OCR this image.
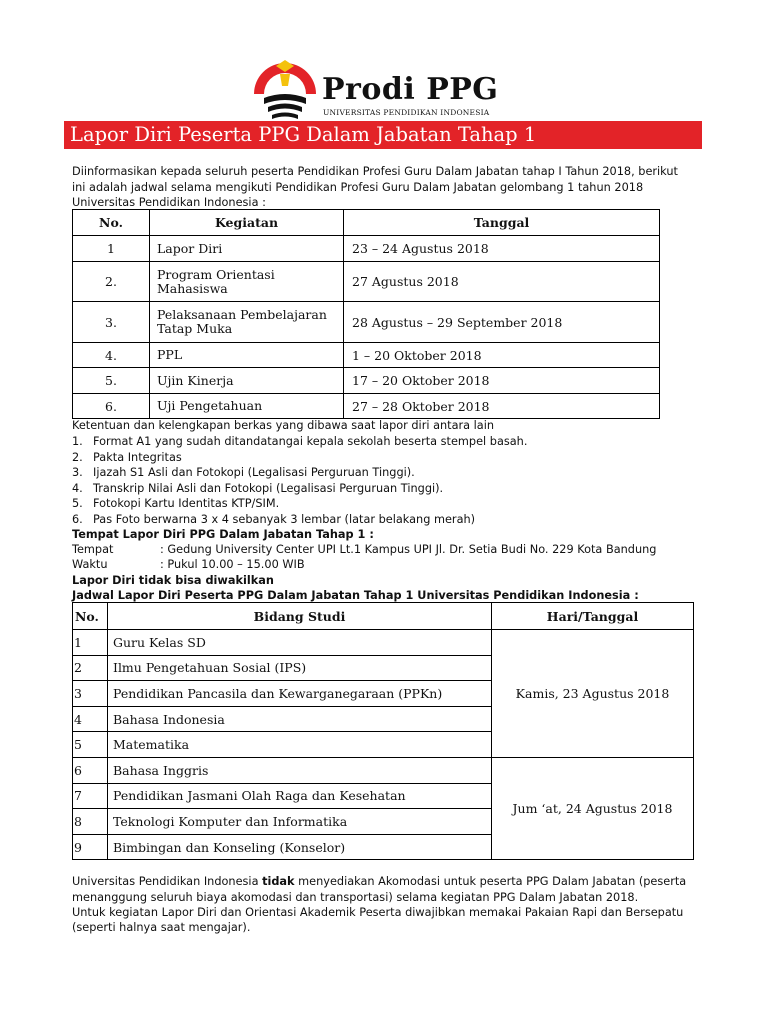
Prodi PPG
UNIVERSITAS PENDIDIKAN INDONESIA
Lapor Diri Peserta PPG Dalam Jabatan Tahap 1
Diinformasikan kepada seluruh peserta Pendidikan Profesi Guru Dalam Jabatan tahap I Tahun 2018, berikut
ini adalah jadwal selama mengikuti Pendidikan Profesi Guru Dalam Jabatan gelombang 1 tahun 2018
Universitas Pendidikan Indonesia :
No.	Kegiatan	Tanggal
1	Lapor Diri	23 – 24 Agustus 2018
2.	Program Orientasi
Mahasiswa	27 Agustus 2018
3.	Pelaksanaan Pembelajaran
Tatap Muka	28 Agustus – 29 September 2018
4.	PPL	1 – 20 Oktober 2018
5.	Ujin Kinerja	17 – 20 Oktober 2018
6.	Uji Pengetahuan	27 – 28 Oktober 2018
Ketentuan dan kelengkapan berkas yang dibawa saat lapor diri antara lain
1. Format A1 yang sudah ditandatangai kepala sekolah beserta stempel basah.
2. Pakta Integritas
3. Ijazah S1 Asli dan Fotokopi (Legalisasi Perguruan Tinggi).
4. Transkrip Nilai Asli dan Fotokopi (Legalisasi Perguruan Tinggi).
5. Fotokopi Kartu Identitas KTP/SIM.
6. Pas Foto berwarna 3 x 4 sebanyak 3 lembar (latar belakang merah)
Tempat Lapor Diri PPG Dalam Jabatan Tahap 1 :
Tempat	: Gedung University Center UPI Lt.1 Kampus UPI Jl. Dr. Setia Budi No. 229 Kota Bandung
Waktu	: Pukul 10.00 – 15.00 WIB
Lapor Diri tidak bisa diwakilkan
Jadwal Lapor Diri Peserta PPG Dalam Jabatan Tahap 1 Universitas Pendidikan Indonesia :
No.	Bidang Studi	Hari/Tanggal
1	Guru Kelas SD	Kamis, 23 Agustus 2018
2	Ilmu Pengetahuan Sosial (IPS)	
3	Pendidikan Pancasila dan Kewarganegaraan (PPKn)	
4	Bahasa Indonesia	
5	Matematika	
6	Bahasa Inggris	Jum ‘at, 24 Agustus 2018
7	Pendidikan Jasmani Olah Raga dan Kesehatan	
8	Teknologi Komputer dan Informatika	
9	Bimbingan dan Konseling (Konselor)	
Universitas Pendidikan Indonesia tidak menyediakan Akomodasi untuk peserta PPG Dalam Jabatan (peserta
menanggung seluruh biaya akomodasi dan transportasi) selama kegiatan PPG Dalam Jabatan 2018.
Untuk kegiatan Lapor Diri dan Orientasi Akademik Peserta diwajibkan memakai Pakaian Rapi dan Bersepatu
(seperti halnya saat mengajar).
